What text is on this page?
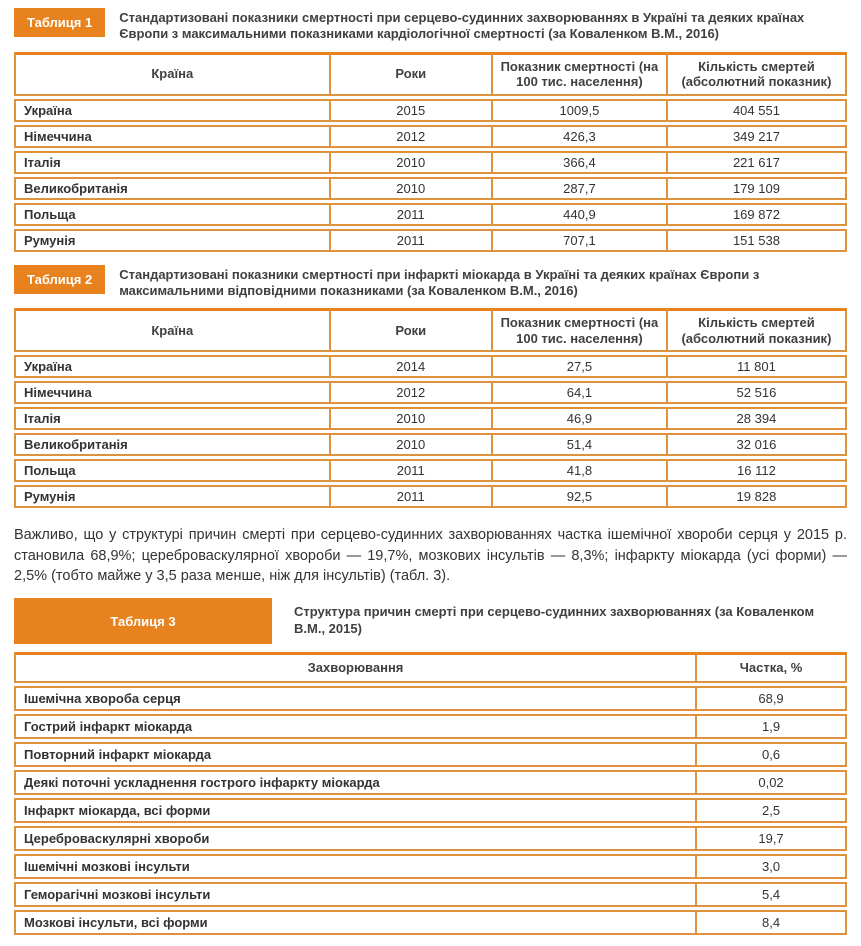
Таблиця 1	Стандартизовані показники смертності при серцево-судинних захворюваннях в Україні та деяких країнах Європи з максимальними показниками кардіологічної смертності (за Коваленком В.М., 2016)
Країна	Роки	Показник смертності (на 100 тис. населення)	Кількість смертей (абсолютний показник)
Україна	2015	1009,5	404 551
Німеччина	2012	426,3	349 217
Італія	2010	366,4	221 617
Великобританія	2010	287,7	179 109
Польща	2011	440,9	169 872
Румунія	2011	707,1	151 538
Таблиця 2	Стандартизовані показники смертності при інфаркті міокарда в Україні та деяких країнах Європи з максимальними відповідними показниками (за Коваленком В.М., 2016)
Країна	Роки	Показник смертності (на 100 тис. населення)	Кількість смертей (абсолютний показник)
Україна	2014	27,5	11 801
Німеччина	2012	64,1	52 516
Італія	2010	46,9	28 394
Великобританія	2010	51,4	32 016
Польща	2011	41,8	16 112
Румунія	2011	92,5	19 828

Важливо, що у структурі причин смерті при серцево-судинних захворюваннях частка ішемічної хвороби серця у 2015 р. становила 68,9%; цереброваскулярної хвороби — 19,7%, мозкових інсультів — 8,3%; інфаркту міокарда (усі форми) — 2,5% (тобто майже у 3,5 раза менше, ніж для інсультів) (табл. 3).

Таблиця 3
Структура причин смерті при серцево-судинних захворюваннях (за Коваленком В.М., 2015)
Захворювання	Частка, %
Ішемічна хвороба серця	68,9
Гострий інфаркт міокарда	1,9
Повторний інфаркт міокарда	0,6
Деякі поточні ускладнення гострого інфаркту міокарда	0,02
Інфаркт міокарда, всі форми	2,5
Цереброваскулярні хвороби	19,7
Ішемічні мозкові інсульти	3,0
Геморагічні мозкові інсульти	5,4
Мозкові інсульти, всі форми	8,4
